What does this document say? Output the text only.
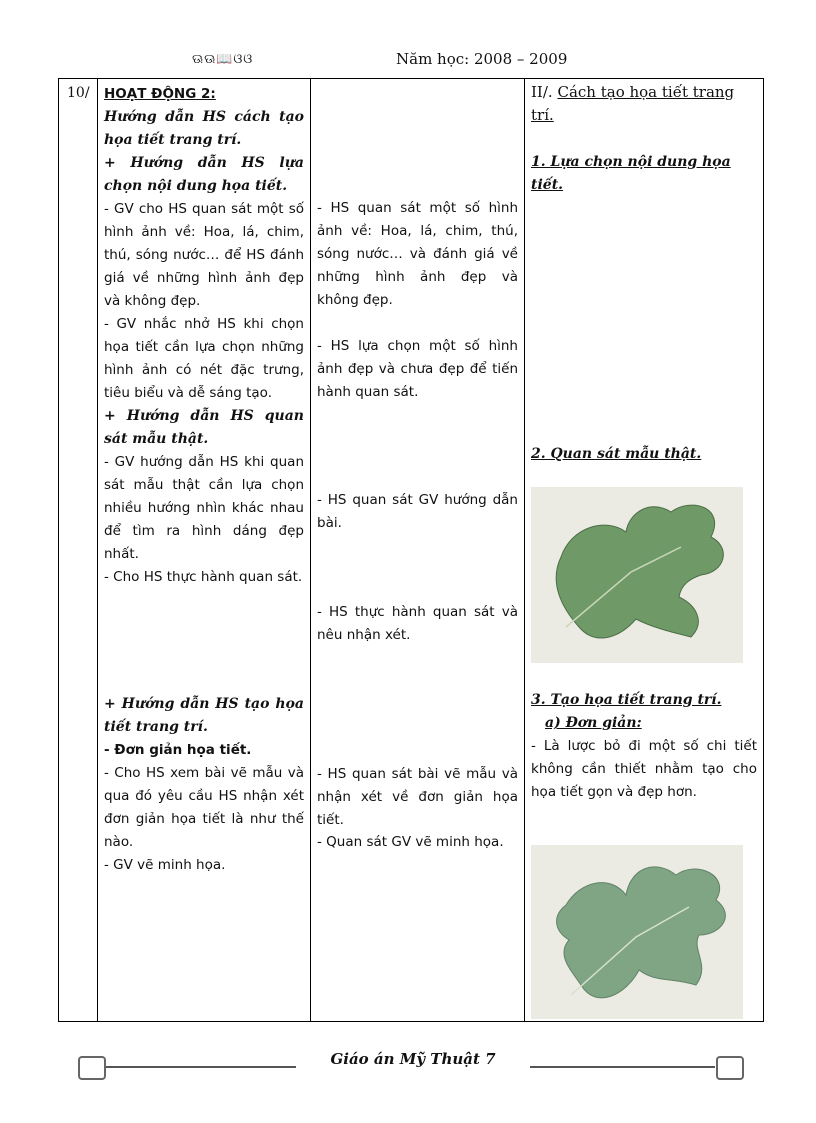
ଊଊ📖ଓଓ	Năm học: 2008 – 2009
10/	HOẠT ĐỘNG 2:
Hướng dẫn HS cách tạo họa tiết trang trí.
+ Hướng dẫn HS lựa chọn nội dung họa tiết.
- GV cho HS quan sát một số hình ảnh về: Hoa, lá, chim, thú, sóng nước… để HS đánh giá về những hình ảnh đẹp và không đẹp.
- GV nhắc nhở HS khi chọn họa tiết cần lựa chọn những hình ảnh có nét đặc trưng, tiêu biểu và dễ sáng tạo.
+ Hướng dẫn HS quan sát mẫu thật.
- GV hướng dẫn HS khi quan sát mẫu thật cần lựa chọn nhiều hướng nhìn khác nhau để tìm ra hình dáng đẹp nhất.
- Cho HS thực hành quan sát.
+ Hướng dẫn HS tạo họa tiết trang trí.
- Đơn giản họa tiết.
- Cho HS xem bài vẽ mẫu và qua đó yêu cầu HS nhận xét đơn giản họa tiết là như thế nào.
- GV vẽ minh họa.

- HS quan sát một số hình ảnh về: Hoa, lá, chim, thú, sóng nước… và đánh giá về những hình ảnh đẹp và không đẹp.
- HS lựa chọn một số hình ảnh đẹp và chưa đẹp để tiến hành quan sát.
- HS quan sát GV hướng dẫn bài.
- HS thực hành quan sát và nêu nhận xét.
- HS quan sát bài vẽ mẫu và nhận xét về đơn giản họa tiết.
- Quan sát GV vẽ minh họa.

II/. Cách tạo họa tiết trang trí.
1. Lựa chọn nội dung họa tiết.
2. Quan sát mẫu thật.
3. Tạo họa tiết trang trí.
a) Đơn giản:
- Là lược bỏ đi một số chi tiết không cần thiết nhằm tạo cho họa tiết gọn và đẹp hơn.
Giáo án Mỹ Thuật 7
